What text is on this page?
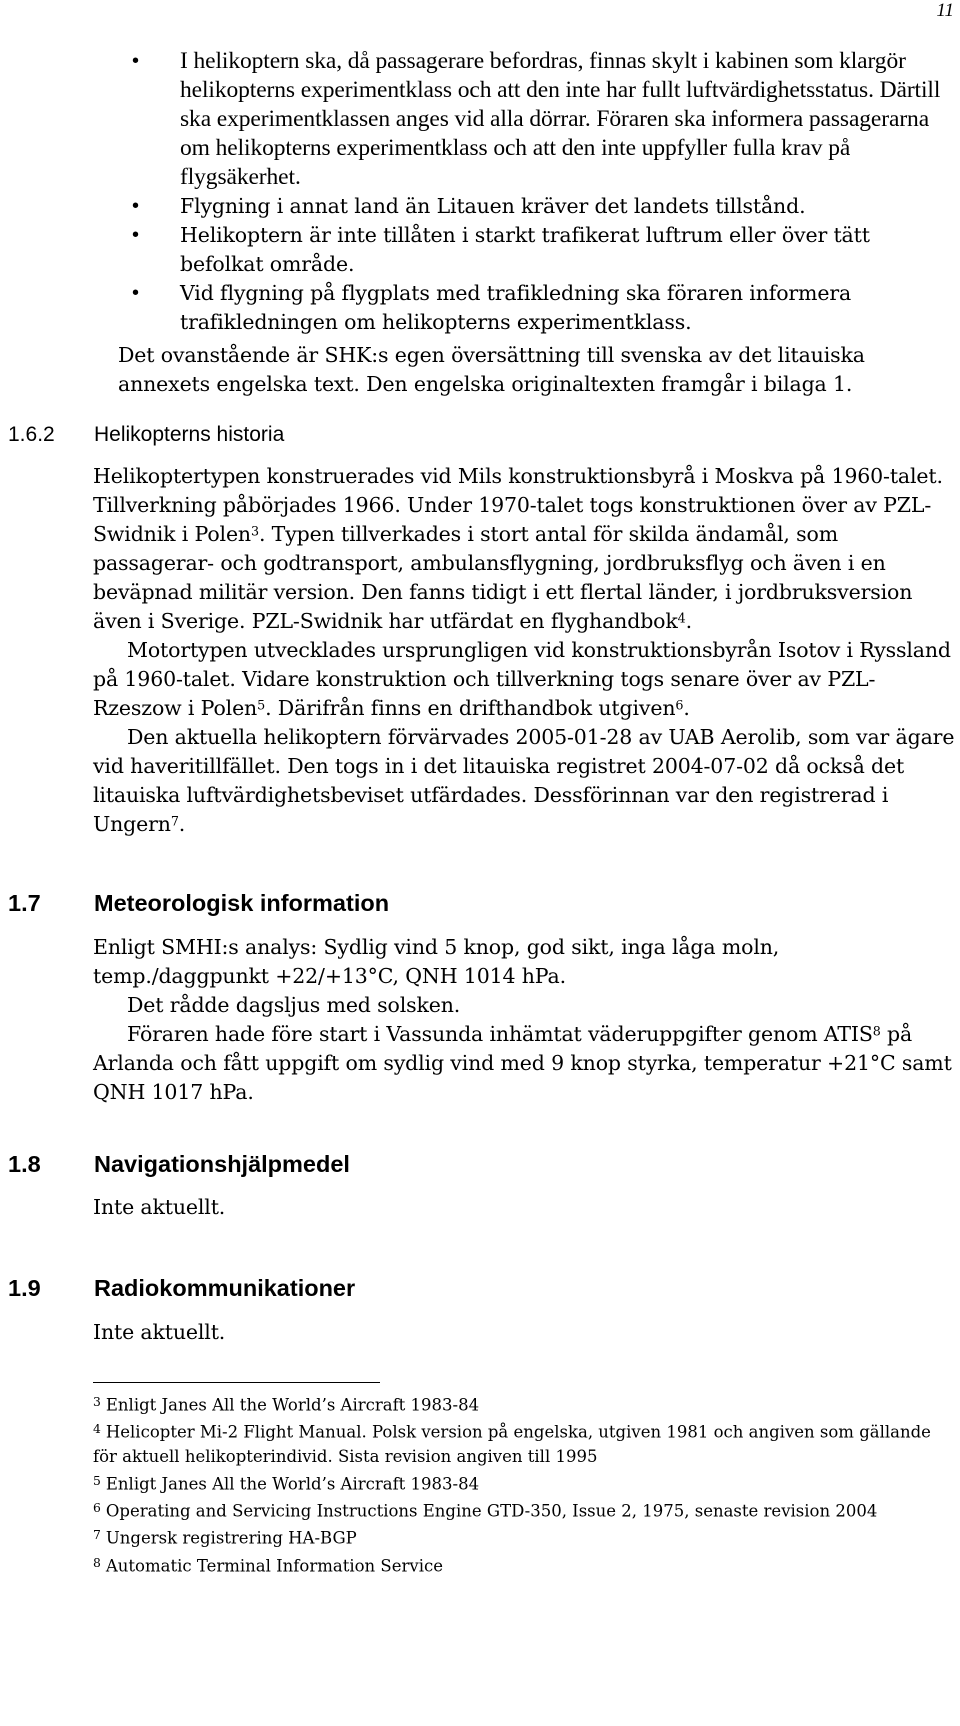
11
• I helikoptern ska, då passagerare befordras, finnas skylt i kabinen som klargör helikopterns experimentklass och att den inte har fullt luftvärdighetsstatus. Därtill ska experimentklassen anges vid alla dörrar. Föraren ska informera passagerarna om helikopterns experimentklass och att den inte uppfyller fulla krav på flygsäkerhet.
• Flygning i annat land än Litauen kräver det landets tillstånd.
• Helikoptern är inte tillåten i starkt trafikerat luftrum eller över tätt befolkat område.
• Vid flygning på flygplats med trafikledning ska föraren informera trafikledningen om helikopterns experimentklass.
Det ovanstående är SHK:s egen översättning till svenska av det litauiska annexets engelska text. Den engelska originaltexten framgår i bilaga 1.
1.6.2 Helikopterns historia

Helikoptertypen konstruerades vid Mils konstruktionsbyrå i Moskva på 1960-talet. Tillverkning påbörjades 1966. Under 1970-talet togs konstruktionen över av PZL-Swidnik i Polen$^3$. Typen tillverkades i stort antal för skilda ändamål, som passagerar- och godtransport, ambulansflygning, jordbruksflyg och även i en beväpnad militär version. Den fanns tidigt i ett flertal länder, i jordbruksversion även i Sverige. PZL-Swidnik har utfärdat en flyghandbok$^4$.

Motortypen utvecklades ursprungligen vid konstruktionsbyrån Isotov i Ryssland på 1960-talet. Vidare konstruktion och tillverkning togs senare över av PZL-Rzeszow i Polen$^5$. Därifrån finns en drifthandbok utgiven$^6$.

Den aktuella helikoptern förvärvades 2005-01-28 av UAB Aerolib, som var ägare vid haveritillfället. Den togs in i det litauiska registret 2004-07-02 då också det litauiska luftvärdighetsbeviset utfärdades. Dessförinnan var den registrerad i Ungern$^7$.

1.7 Meteorologisk information

Enligt SMHI:s analys: Sydlig vind 5 knop, god sikt, inga låga moln, temp./daggpunkt +22/+13°C, QNH 1014 hPa.

Det rådde dagsljus med solsken.

Föraren hade före start i Vassunda inhämtat väderuppgifter genom ATIS$^8$ på Arlanda och fått uppgift om sydlig vind med 9 knop styrka, temperatur +21°C samt QNH 1017 hPa.

1.8 Navigationshjälpmedel
Inte aktuellt.
1.9 Radiokommunikationer
Inte aktuellt.

$^3$ Enligt Janes All the World’s Aircraft 1983-84

$^4$ Helicopter Mi-2 Flight Manual. Polsk version på engelska, utgiven 1981 och angiven som gällande för aktuell helikopterindivid. Sista revision angiven till 1995

$^5$ Enligt Janes All the World’s Aircraft 1983-84

$^6$ Operating and Servicing Instructions Engine GTD-350, Issue 2, 1975, senaste revision 2004

$^7$ Ungersk registrering HA-BGP

$^8$ Automatic Terminal Information Service
